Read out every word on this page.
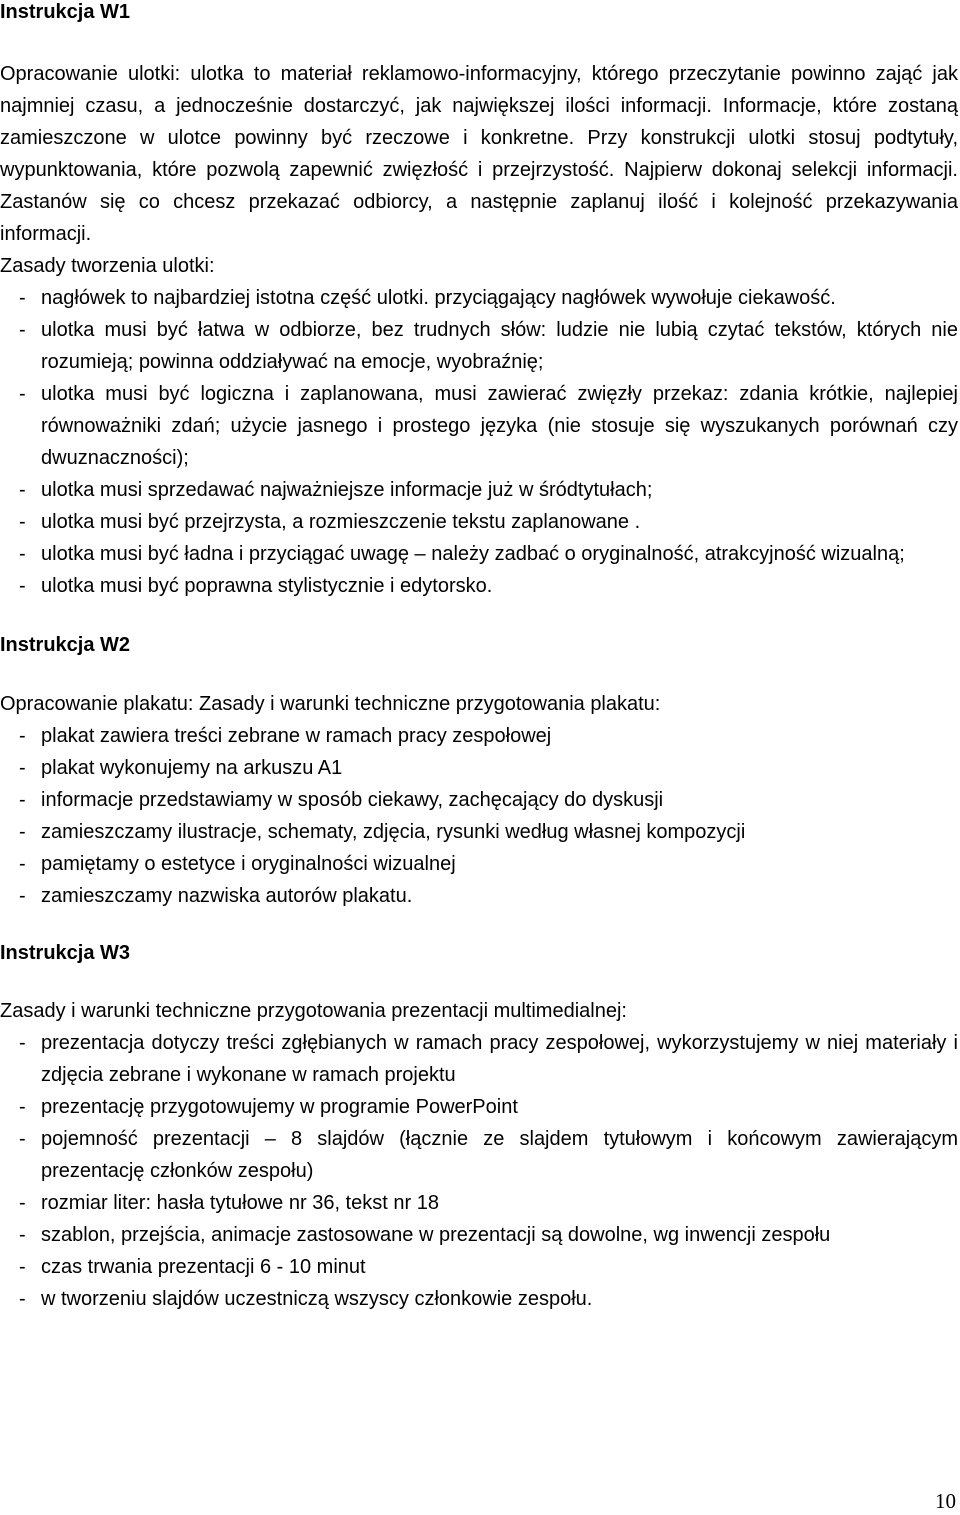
Instrukcja W1

Opracowanie ulotki: ulotka to materiał reklamowo-informacyjny, którego przeczytanie powinno zająć jak najmniej czasu, a jednocześnie dostarczyć, jak największej ilości informacji. Informacje, które zostaną zamieszczone w ulotce powinny być rzeczowe i konkretne. Przy konstrukcji ulotki stosuj podtytuły, wypunktowania, które pozwolą zapewnić zwięzłość i przejrzystość. Najpierw dokonaj selekcji informacji. Zastanów się co chcesz przekazać odbiorcy, a następnie zaplanuj ilość i kolejność przekazywania informacji.

Zasady tworzenia ulotki:

- nagłówek to najbardziej istotna część ulotki. przyciągający nagłówek wywołuje ciekawość.
- ulotka musi być łatwa w odbiorze, bez trudnych słów: ludzie nie lubią czytać tekstów, których nie rozumieją; powinna oddziaływać na emocje, wyobraźnię;
- ulotka musi być logiczna i zaplanowana, musi zawierać zwięzły przekaz: zdania krótkie, najlepiej równoważniki zdań; użycie jasnego i prostego języka (nie stosuje się wyszukanych porównań czy dwuznaczności);
- ulotka musi sprzedawać najważniejsze informacje już w śródtytułach;
- ulotka musi być przejrzysta, a rozmieszczenie tekstu zaplanowane .
- ulotka musi być ładna i przyciągać uwagę – należy zadbać o oryginalność, atrakcyjność wizualną;
- ulotka musi być poprawna stylistycznie i edytorsko.
Instrukcja W2

Opracowanie plakatu: Zasady i warunki techniczne przygotowania plakatu:

- plakat zawiera treści zebrane w ramach pracy zespołowej
- plakat wykonujemy na arkuszu A1
- informacje przedstawiamy w sposób ciekawy, zachęcający do dyskusji
- zamieszczamy ilustracje, schematy, zdjęcia, rysunki według własnej kompozycji
- pamiętamy o estetyce i oryginalności wizualnej
- zamieszczamy nazwiska autorów plakatu.
Instrukcja W3

Zasady i warunki techniczne przygotowania prezentacji multimedialnej:

- prezentacja dotyczy treści zgłębianych w ramach pracy zespołowej, wykorzystujemy w niej materiały i zdjęcia zebrane i wykonane w ramach projektu
- prezentację przygotowujemy w programie PowerPoint
- pojemność prezentacji – 8 slajdów (łącznie ze slajdem tytułowym i końcowym zawierającym prezentację członków zespołu)
- rozmiar liter: hasła tytułowe nr 36, tekst nr 18
- szablon, przejścia, animacje zastosowane w prezentacji są dowolne, wg inwencji zespołu
- czas trwania prezentacji 6 - 10 minut
- w tworzeniu slajdów uczestniczą wszyscy członkowie zespołu.
10
